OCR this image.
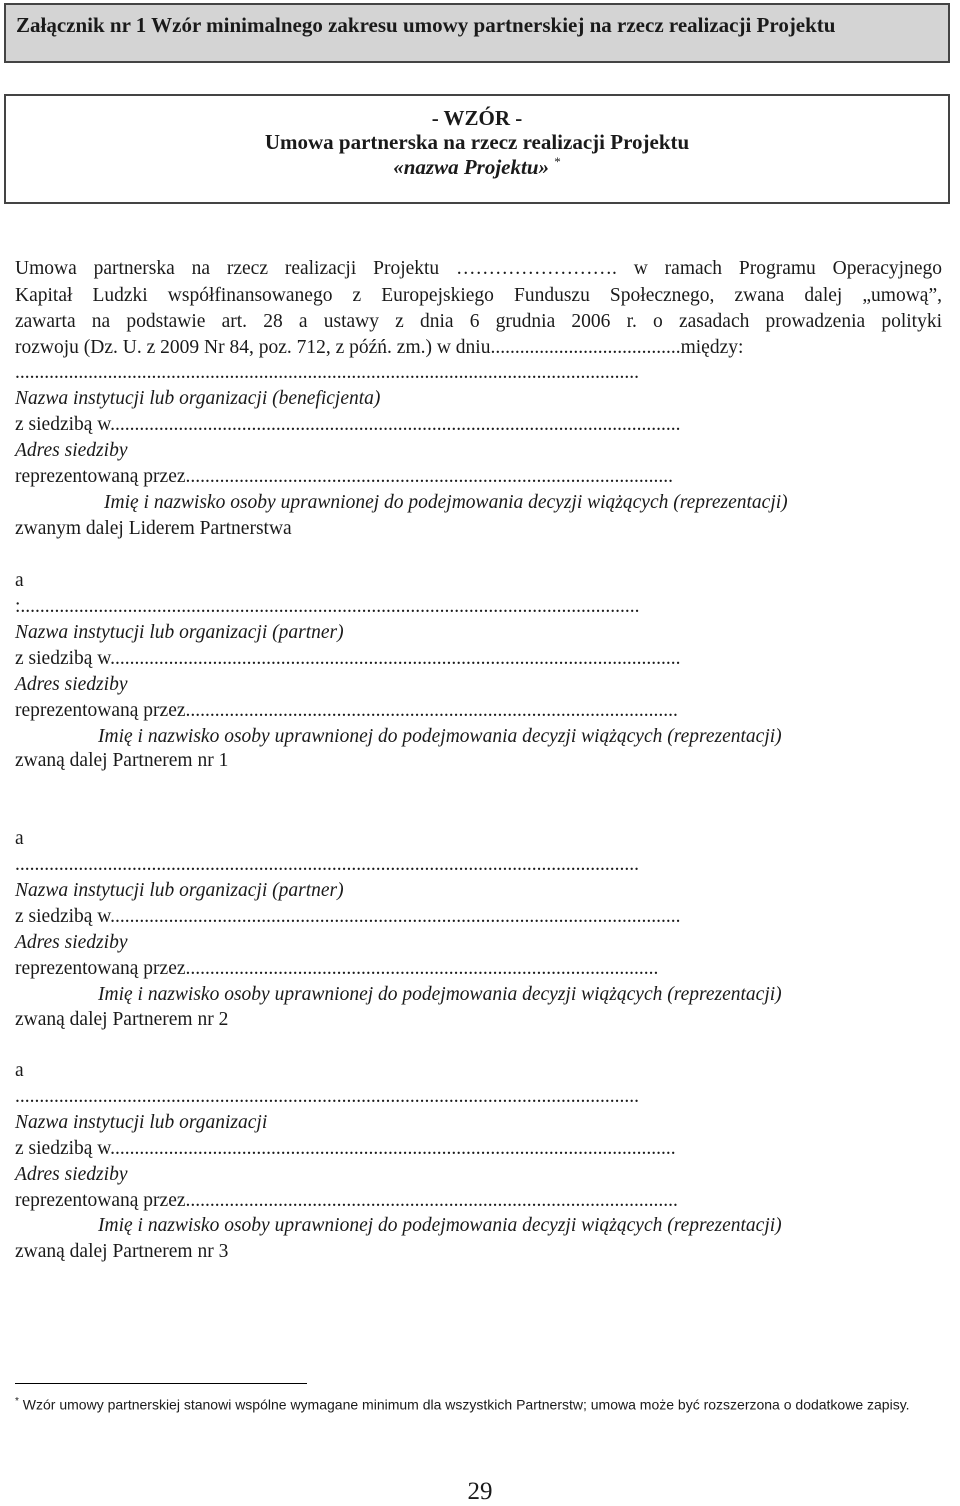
Załącznik nr 1 Wzór minimalnego zakresu umowy partnerskiej na rzecz realizacji Projektu
- WZÓR -
Umowa partnerska na rzecz realizacji Projektu
«nazwa Projektu» *
Umowa partnerska na rzecz realizacji Projektu ……………………. w ramach Programu Operacyjnego
Kapitał Ludzki współfinansowanego z Europejskiego Funduszu Społecznego, zwana dalej „umową”,
zawarta na podstawie art. 28 a ustawy z dnia 6 grudnia 2006 r. o zasadach prowadzenia polityki
rozwoju (Dz. U. z 2009 Nr 84, poz. 712, z późń. zm.) w dniu.......................................między:
................................................................................................................................
Nazwa instytucji lub organizacji (beneficjenta)
z siedzibą w.....................................................................................................................
Adres siedziby
reprezentowaną przez....................................................................................................
Imię i nazwisko osoby uprawnionej do podejmowania decyzji wiążących (reprezentacji)
zwanym dalej Liderem Partnerstwa
a
:...............................................................................................................................
Nazwa instytucji lub organizacji (partner)
z siedzibą w.....................................................................................................................
Adres siedziby
reprezentowaną przez.....................................................................................................
Imię i nazwisko osoby uprawnionej do podejmowania decyzji wiążących (reprezentacji)
zwaną dalej Partnerem nr 1
a
................................................................................................................................
Nazwa instytucji lub organizacji (partner)
z siedzibą w.....................................................................................................................
Adres siedziby
reprezentowaną przez.................................................................................................
Imię i nazwisko osoby uprawnionej do podejmowania decyzji wiążących (reprezentacji)
zwaną dalej Partnerem nr 2
a
................................................................................................................................
Nazwa instytucji lub organizacji
z siedzibą w....................................................................................................................
Adres siedziby
reprezentowaną przez.....................................................................................................
Imię i nazwisko osoby uprawnionej do podejmowania decyzji wiążących (reprezentacji)
zwaną dalej Partnerem nr 3
* Wzór umowy partnerskiej stanowi wspólne wymagane minimum dla wszystkich Partnerstw; umowa może być rozszerzona o dodatkowe zapisy.
29
